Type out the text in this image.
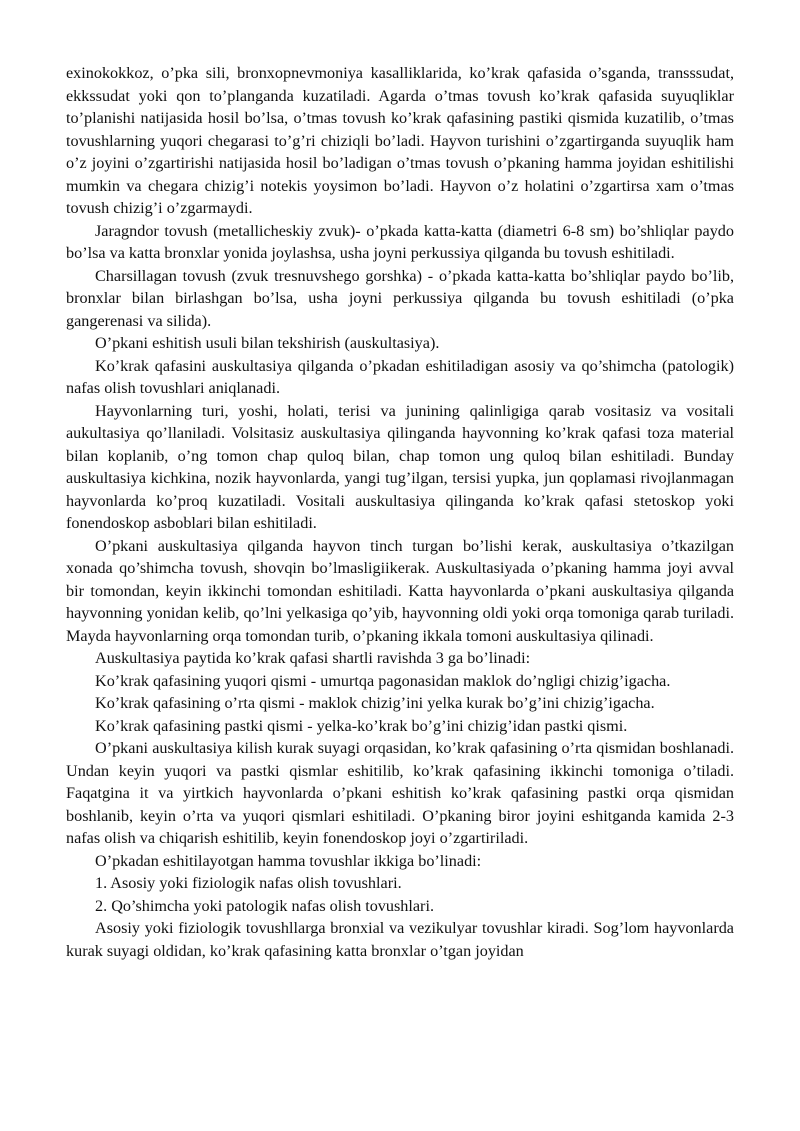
exinokokkoz, o’pka sili, bronxopnevmoniya kasalliklarida, ko’krak qafasida o’sganda, transssudat, ekkssudat yoki qon to’planganda kuzatiladi. Agarda o’tmas tovush ko’krak qafasida suyuqliklar to’planishi natijasida hosil bo’lsa, o’tmas tovush ko’krak qafasining pastiki qismida kuzatilib, o’tmas tovushlarning yuqori chegarasi to’g’ri chiziqli bo’ladi. Hayvon turishini o’zgartirganda suyuqlik ham o’z joyini o’zgartirishi natijasida hosil bo’ladigan o’tmas tovush o’pkaning hamma joyidan eshitilishi mumkin va chegara chizig’i notekis yoysimon bo’ladi. Hayvon o’z holatini o’zgartirsa xam o’tmas tovush chizig’i o’zgarmaydi.

Jaragndor tovush (metallicheskiy zvuk)- o’pkada katta-katta (diametri 6-8 sm) bo’shliqlar paydo bo’lsa va katta bronxlar yonida joylashsa, usha joyni perkussiya qilganda bu tovush eshitiladi.

Charsillagan tovush (zvuk tresnuvshego gorshka) - o’pkada katta-katta bo’shliqlar paydo bo’lib, bronxlar bilan birlashgan bo’lsa, usha joyni perkussiya qilganda bu tovush eshitiladi (o’pka gangerenasi va silida).

O’pkani eshitish usuli bilan tekshirish (auskultasiya).

Ko’krak qafasini auskultasiya qilganda o’pkadan eshitiladigan asosiy va qo’shimcha (patologik) nafas olish tovushlari aniqlanadi.

Hayvonlarning turi, yoshi, holati, terisi va junining qalinligiga qarab vositasiz va vositali aukultasiya qo’llaniladi. Volsitasiz auskultasiya qilinganda hayvonning ko’krak qafasi toza material bilan koplanib, o’ng tomon chap quloq bilan, chap tomon ung quloq bilan eshitiladi. Bunday auskultasiya kichkina, nozik hayvonlarda, yangi tug’ilgan, tersisi yupka, jun qoplamasi rivojlanmagan hayvonlarda ko’proq kuzatiladi. Vositali auskultasiya qilinganda ko’krak qafasi stetoskop yoki fonendoskop asboblari bilan eshitiladi.

O’pkani auskultasiya qilganda hayvon tinch turgan bo’lishi kerak, auskultasiya o’tkazilgan xonada qo’shimcha tovush, shovqin bo’lmasligiikerak. Auskultasiyada o’pkaning hamma joyi avval bir tomondan, keyin ikkinchi tomondan eshitiladi. Katta hayvonlarda o’pkani auskultasiya qilganda hayvonning yonidan kelib, qo’lni yelkasiga qo’yib, hayvonning oldi yoki orqa tomoniga qarab turiladi. Mayda hayvonlarning orqa tomondan turib, o’pkaning ikkala tomoni auskultasiya qilinadi.

Auskultasiya paytida ko’krak qafasi shartli ravishda 3 ga bo’linadi:

Ko’krak qafasining yuqori qismi - umurtqa pagonasidan maklok do’ngligi chizig’igacha.

Ko’krak qafasining o’rta qismi - maklok chizig’ini yelka kurak bo’g’ini chizig’igacha.

Ko’krak qafasining pastki qismi - yelka-ko’krak bo’g’ini chizig’idan pastki qismi.

O’pkani auskultasiya kilish kurak suyagi orqasidan, ko’krak qafasining o’rta qismidan boshlanadi. Undan keyin yuqori va pastki qismlar eshitilib, ko’krak qafasining ikkinchi tomoniga o’tiladi. Faqatgina it va yirtkich hayvonlarda o’pkani eshitish ko’krak qafasining pastki orqa qismidan boshlanib, keyin o’rta va yuqori qismlari eshitiladi. O’pkaning biror joyini eshitganda kamida 2-3 nafas olish va chiqarish eshitilib, keyin fonendoskop joyi o’zgartiriladi.

O’pkadan eshitilayotgan hamma tovushlar ikkiga bo’linadi:

1. Asosiy yoki fiziologik nafas olish tovushlari.

2. Qo’shimcha yoki patologik nafas olish tovushlari.

Asosiy yoki fiziologik tovushllarga bronxial va vezikulyar tovushlar kiradi. Sog’lom hayvonlarda kurak suyagi oldidan, ko’krak qafasining katta bronxlar o’tgan joyidan
